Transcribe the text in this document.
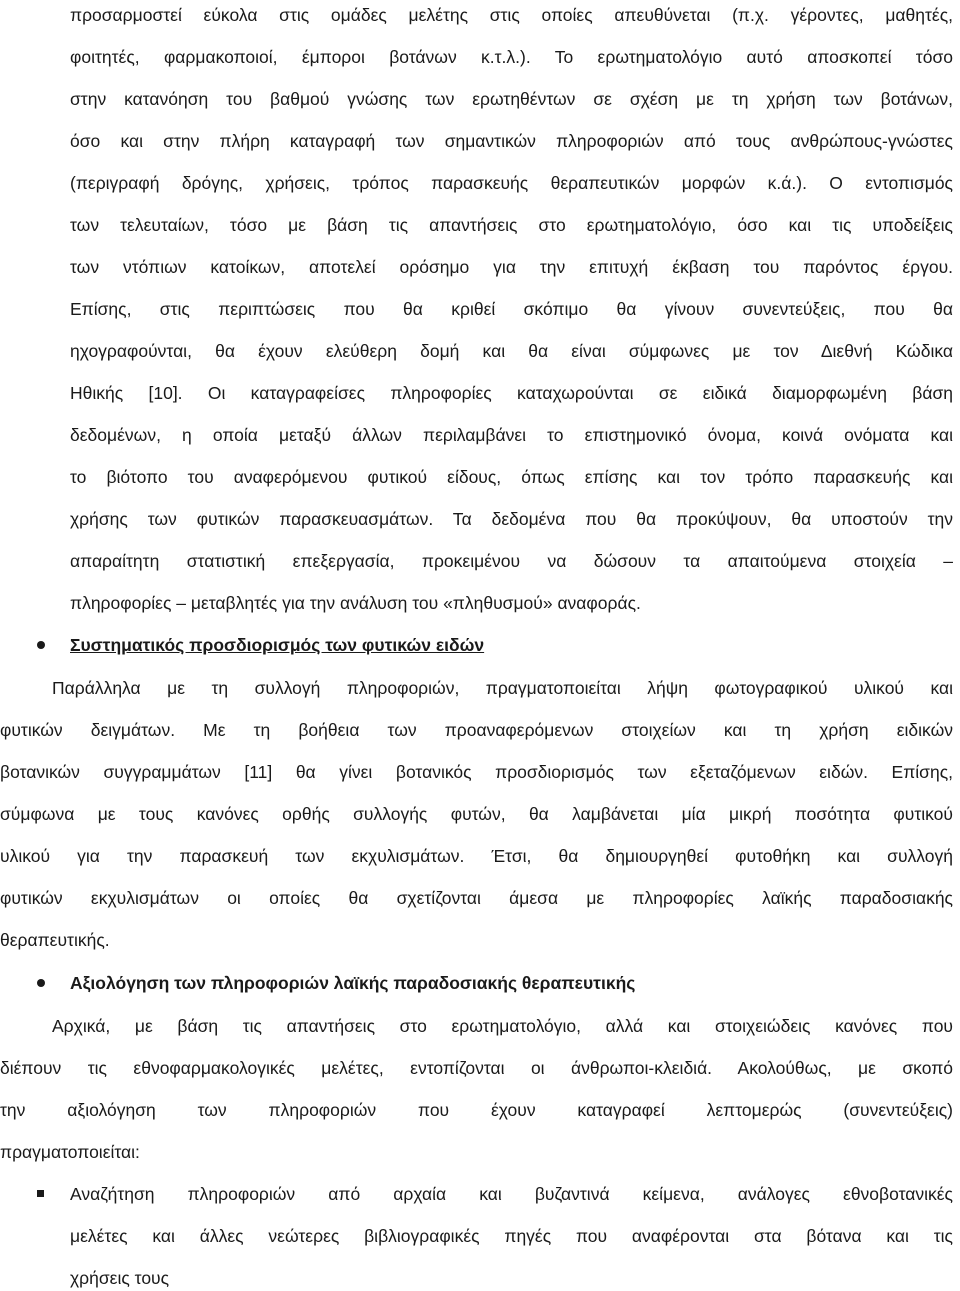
προσαρμοστεί εύκολα στις ομάδες μελέτης στις οποίες απευθύνεται (π.χ. γέροντες, μαθητές,
φοιτητές, φαρμακοποιοί, έμποροι βοτάνων κ.τ.λ.). Το ερωτηματολόγιο αυτό αποσκοπεί τόσο
στην κατανόηση του βαθμού γνώσης των ερωτηθέντων σε σχέση με τη χρήση των βοτάνων,
όσο και στην πλήρη καταγραφή των σημαντικών πληροφοριών από τους ανθρώπους-γνώστες
(περιγραφή δρόγης, χρήσεις, τρόπος παρασκευής θεραπευτικών μορφών κ.ά.). Ο εντοπισμός
των τελευταίων, τόσο με βάση τις απαντήσεις στο ερωτηματολόγιο, όσο και τις υποδείξεις
των ντόπιων κατοίκων, αποτελεί ορόσημο για την επιτυχή έκβαση του παρόντος έργου.
Επίσης, στις περιπτώσεις που θα κριθεί σκόπιμο θα γίνουν συνεντεύξεις, που θα
ηχογραφούνται, θα έχουν ελεύθερη δομή και θα είναι σύμφωνες με τον Διεθνή Κώδικα
Ηθικής [10]. Οι καταγραφείσες πληροφορίες καταχωρούνται σε ειδικά διαμορφωμένη βάση
δεδομένων, η οποία μεταξύ άλλων περιλαμβάνει το επιστημονικό όνομα, κοινά ονόματα και
το βιότοπο του αναφερόμενου φυτικού είδους, όπως επίσης και τον τρόπο παρασκευής και
χρήσης των φυτικών παρασκευασμάτων. Τα δεδομένα που θα προκύψουν, θα υποστούν την
απαραίτητη στατιστική επεξεργασία, προκειμένου να δώσουν τα απαιτούμενα στοιχεία –
πληροφορίες – μεταβλητές για την ανάλυση του «πληθυσμού» αναφοράς.
Συστηματικός προσδιορισμός των φυτικών ειδών
Παράλληλα με τη συλλογή πληροφοριών, πραγματοποιείται λήψη φωτογραφικού υλικού και
φυτικών δειγμάτων. Με τη βοήθεια των προαναφερόμενων στοιχείων και τη χρήση ειδικών
βοτανικών συγγραμμάτων [11] θα γίνει βοτανικός προσδιορισμός των εξεταζόμενων ειδών. Επίσης,
σύμφωνα με τους κανόνες ορθής συλλογής φυτών, θα λαμβάνεται μία μικρή ποσότητα φυτικού
υλικού για την παρασκευή των εκχυλισμάτων. Έτσι, θα δημιουργηθεί φυτοθήκη και συλλογή
φυτικών εκχυλισμάτων οι οποίες θα σχετίζονται άμεσα με πληροφορίες λαϊκής παραδοσιακής
θεραπευτικής.
Αξιολόγηση των πληροφοριών λαϊκής παραδοσιακής θεραπευτικής
Αρχικά, με βάση τις απαντήσεις στο ερωτηματολόγιο, αλλά και στοιχειώδεις κανόνες που
διέπουν τις εθνοφαρμακολογικές μελέτες, εντοπίζονται οι άνθρωποι-κλειδιά. Ακολούθως, με σκοπό
την αξιολόγηση των πληροφοριών που έχουν καταγραφεί λεπτομερώς (συνεντεύξεις)
πραγματοποιείται:
Αναζήτηση πληροφοριών από αρχαία και βυζαντινά κείμενα, ανάλογες εθνοβοτανικές
μελέτες και άλλες νεώτερες βιβλιογραφικές πηγές που αναφέρονται στα βότανα και τις
χρήσεις τους
